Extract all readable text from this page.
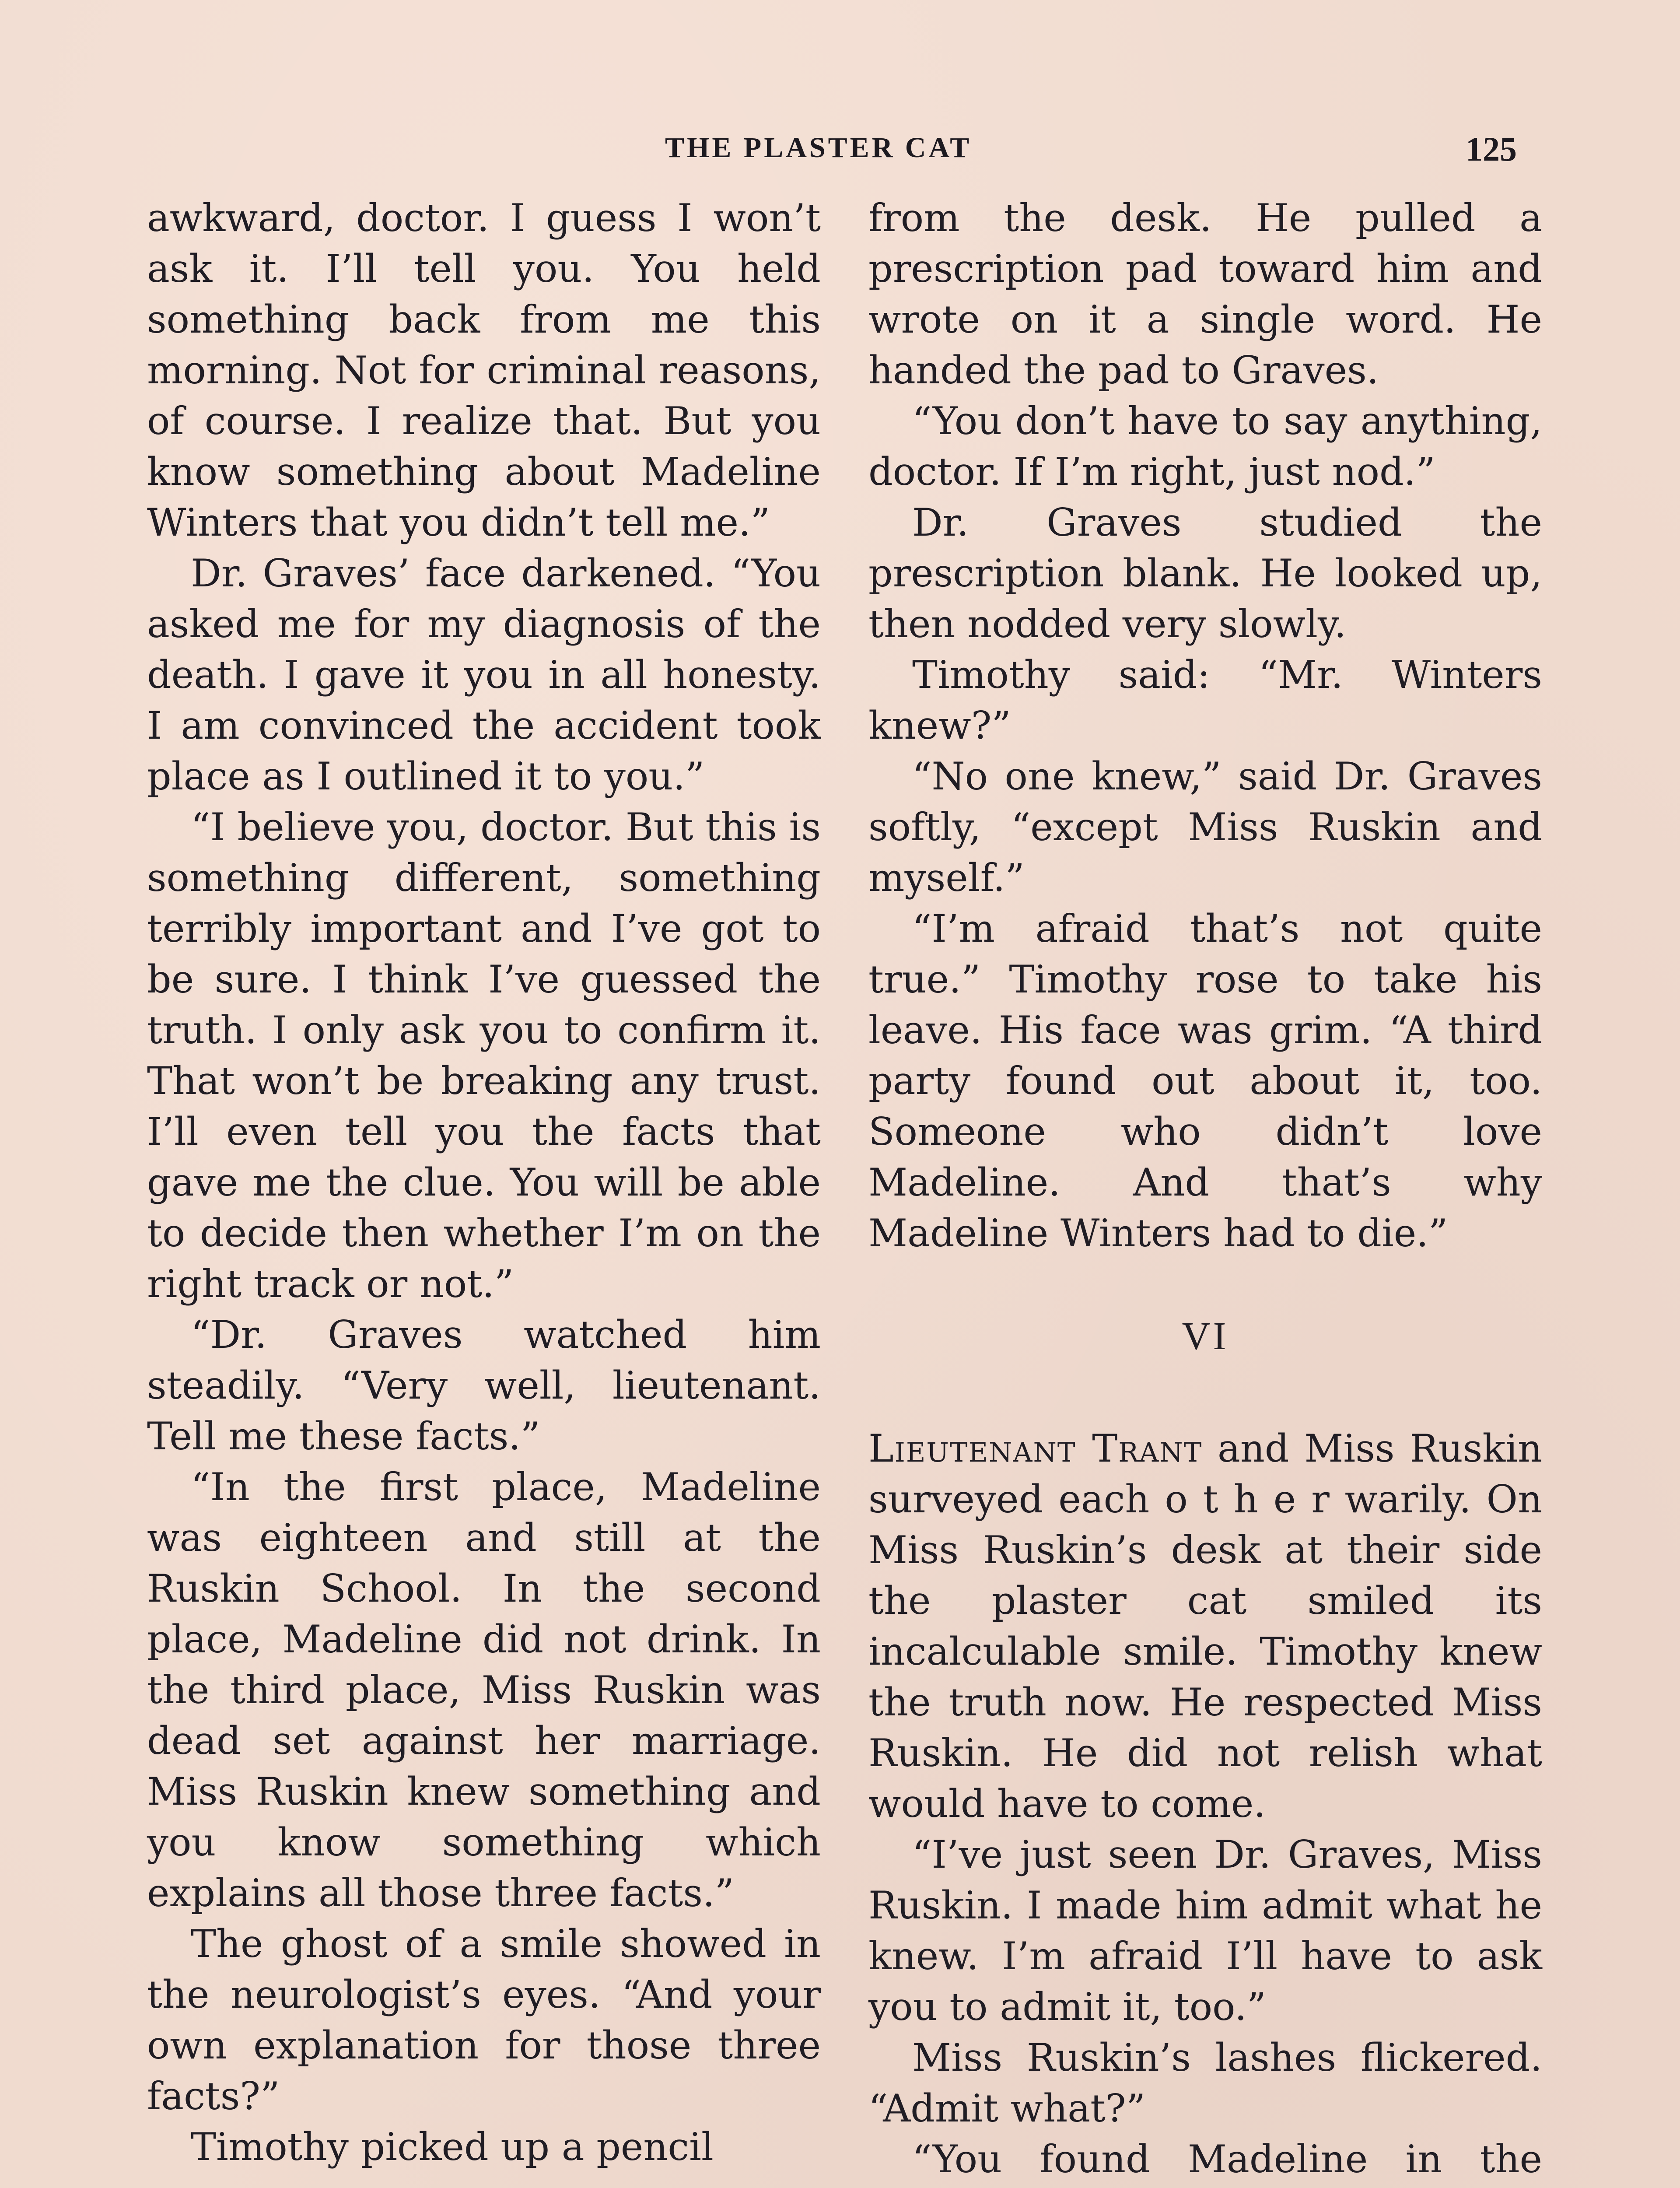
THE PLASTER CAT	125

awkward, doctor. I guess I won’t ask it. I’ll tell you. You held something back from me this morning. Not for criminal reasons, of course. I realize that. But you know something about Madeline Winters that you didn’t tell me.”

Dr. Graves’ face darkened. “You asked me for my diagnosis of the death. I gave it you in all honesty. I am convinced the accident took place as I outlined it to you.”

“I believe you, doctor. But this is something different, something terribly important and I’ve got to be sure. I think I’ve guessed the truth. I only ask you to confirm it. That won’t be breaking any trust. I’ll even tell you the facts that gave me the clue. You will be able to decide then whether I’m on the right track or not.”

“Dr. Graves watched him steadily. “Very well, lieutenant. Tell me these facts.”

“In the first place, Madeline was eighteen and still at the Ruskin School. In the second place, Madeline did not drink. In the third place, Miss Ruskin was dead set against her marriage. Miss Ruskin knew something and you know something which explains all those three facts.”

The ghost of a smile showed in the neurologist’s eyes. “And your own explanation for those three facts?”

Timothy picked up a pencil

from the desk. He pulled a prescription pad toward him and wrote on it a single word. He handed the pad to Graves.

“You don’t have to say anything, doctor. If I’m right, just nod.”

Dr. Graves studied the prescription blank. He looked up, then nodded very slowly.

Timothy said: “Mr. Winters knew?”

“No one knew,” said Dr. Graves softly, “except Miss Ruskin and myself.”

“I’m afraid that’s not quite true.” Timothy rose to take his leave. His face was grim. “A third party found out about it, too. Someone who didn’t love Madeline. And that’s why Madeline Winters had to die.”

VI

Lieutenant Trant and Miss Ruskin surveyed each o t h e r warily. On Miss Ruskin’s desk at their side the plaster cat smiled its incalculable smile. Timothy knew the truth now. He respected Miss Ruskin. He did not relish what would have to come.

“I’ve just seen Dr. Graves, Miss Ruskin. I made him admit what he knew. I’m afraid I’ll have to ask you to admit it, too.”

Miss Ruskin’s lashes flickered. “Admit what?”

“You found Madeline in the
